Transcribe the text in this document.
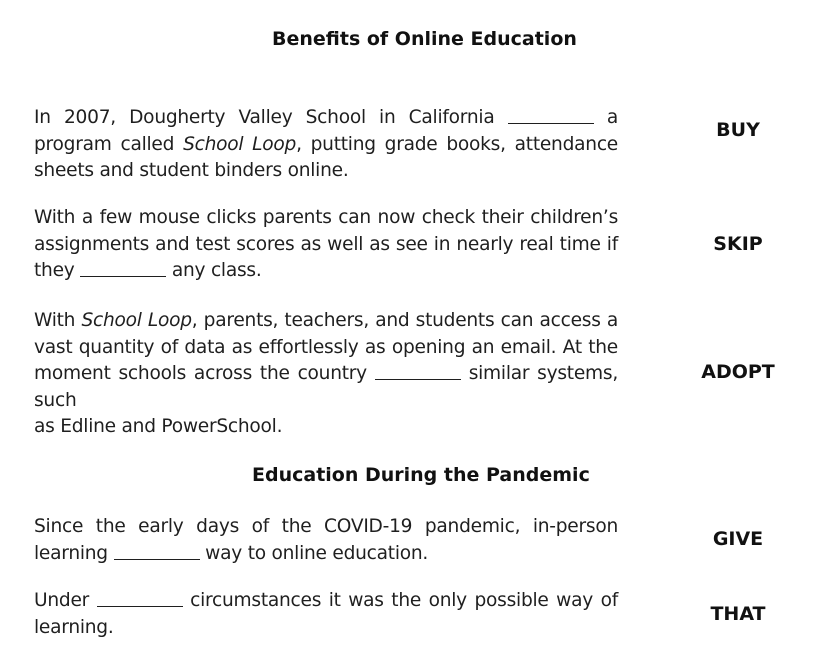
Benefits of Online Education
In 2007, Dougherty Valley School in California	a program called School Loop, putting grade books, attendance sheets and student binders online.
BUY
With a few mouse clicks parents can now check their children’s assignments and test scores as well as see in nearly real time if they	any class.
SKIP
With School Loop, parents, teachers, and students can access a vast quantity of data as effortlessly as opening an email. At the moment schools across the country	similar systems, such
as Edline and PowerSchool.
ADOPT
Education During the Pandemic
Since the early days of the COVID-19 pandemic, in-person learning	way to online education.
GIVE
Under	circumstances it was the only possible way of learning.
THAT
